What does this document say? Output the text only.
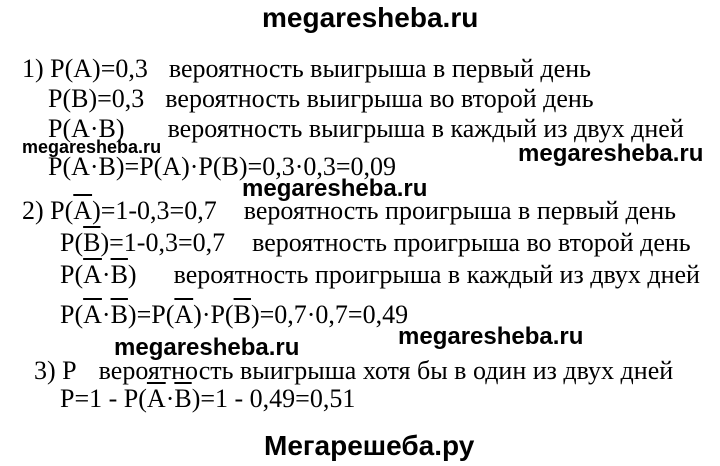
megaresheba.ru
megaresheba.ru	megaresheba.ru
megaresheba.ru
megaresheba.ru
megaresheba.ru
Мегарешеба.ру
1) P(A)=0,3 вероятность выигрыша в первый день
P(B)=0,3 вероятность выигрыша во второй день
P(A·B) вероятность выигрыша в каждый из двух дней
P(A·B)=P(A)·P(B)=0,3·0,3=0,09
2) $P(\overline{A})=1-0,3=0,7$ вероятность проигрыша в первый день
$P(\overline{B})=1-0,3=0,7$ вероятность проигрыша во второй день
$P(\overline{A}\cdot\overline{B})$ вероятность проигрыша в каждый из двух дней
$P(\overline{A}\cdot\overline{B})=P(\overline{A})\cdot P(\overline{B})=0,7\cdot 0,7=0,49$
3) P вероятность выигрыша хотя бы в один из двух дней
$P=1 - P(\overline{A}\cdot\overline{B})=1 - 0,49=0,51$
